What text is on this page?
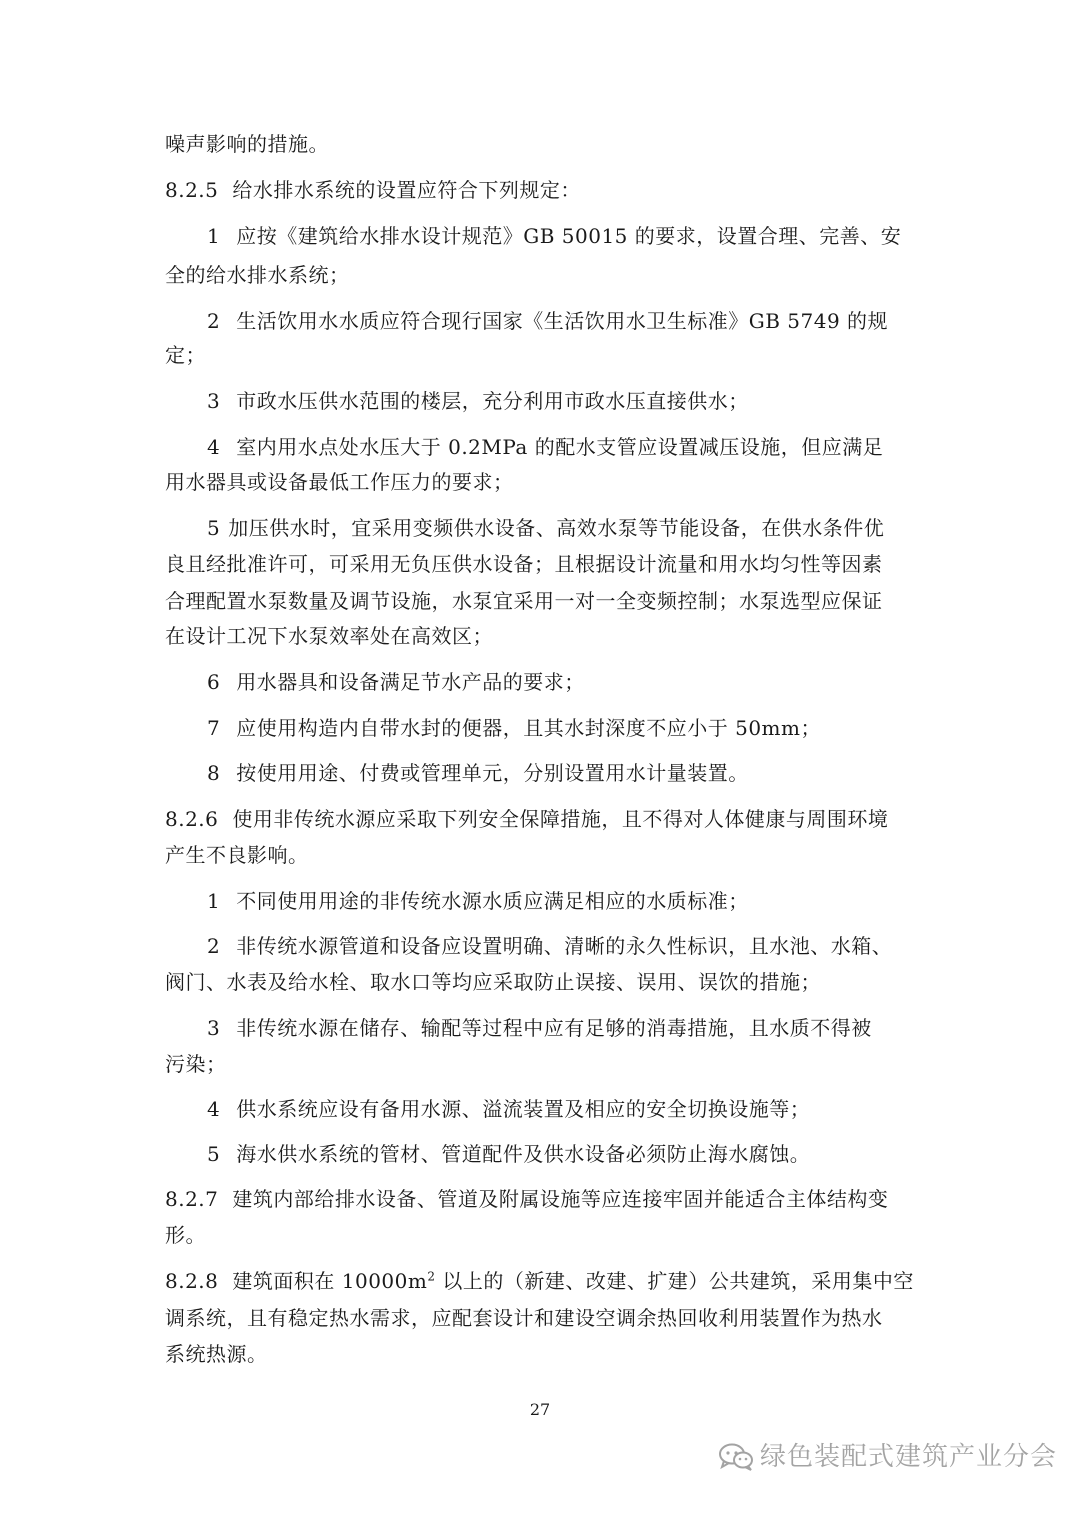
噪声影响的措施。
8.2.5 给水排水系统的设置应符合下列规定：
1 应按《建筑给水排水设计规范》GB 50015 的要求，设置合理、完善、安
全的给水排水系统；
2 生活饮用水水质应符合现行国家《生活饮用水卫生标准》GB 5749 的规
定；
3 市政水压供水范围的楼层，充分利用市政水压直接供水；
4 室内用水点处水压大于 0.2MPa 的配水支管应设置减压设施，但应满足
用水器具或设备最低工作压力的要求；
5 加压供水时，宜采用变频供水设备、高效水泵等节能设备，在供水条件优
良且经批准许可，可采用无负压供水设备；且根据设计流量和用水均匀性等因素
合理配置水泵数量及调节设施，水泵宜采用一对一全变频控制；水泵选型应保证
在设计工况下水泵效率处在高效区；
6 用水器具和设备满足节水产品的要求；
7 应使用构造内自带水封的便器，且其水封深度不应小于 50mm；
8 按使用用途、付费或管理单元，分别设置用水计量装置。
8.2.6 使用非传统水源应采取下列安全保障措施，且不得对人体健康与周围环境
产生不良影响。
1 不同使用用途的非传统水源水质应满足相应的水质标准；
2 非传统水源管道和设备应设置明确、清晰的永久性标识，且水池、水箱、
阀门、水表及给水栓、取水口等均应采取防止误接、误用、误饮的措施；
3 非传统水源在储存、输配等过程中应有足够的消毒措施，且水质不得被
污染；
4 供水系统应设有备用水源、溢流装置及相应的安全切换设施等；
5 海水供水系统的管材、管道配件及供水设备必须防止海水腐蚀。
8.2.7 建筑内部给排水设备、管道及附属设施等应连接牢固并能适合主体结构变
形。
8.2.8 建筑面积在 $10000m^2$ 以上的（新建、改建、扩建）公共建筑，采用集中空
调系统，且有稳定热水需求，应配套设计和建设空调余热回收利用装置作为热水
系统热源。
27
绿色装配式建筑产业分会
